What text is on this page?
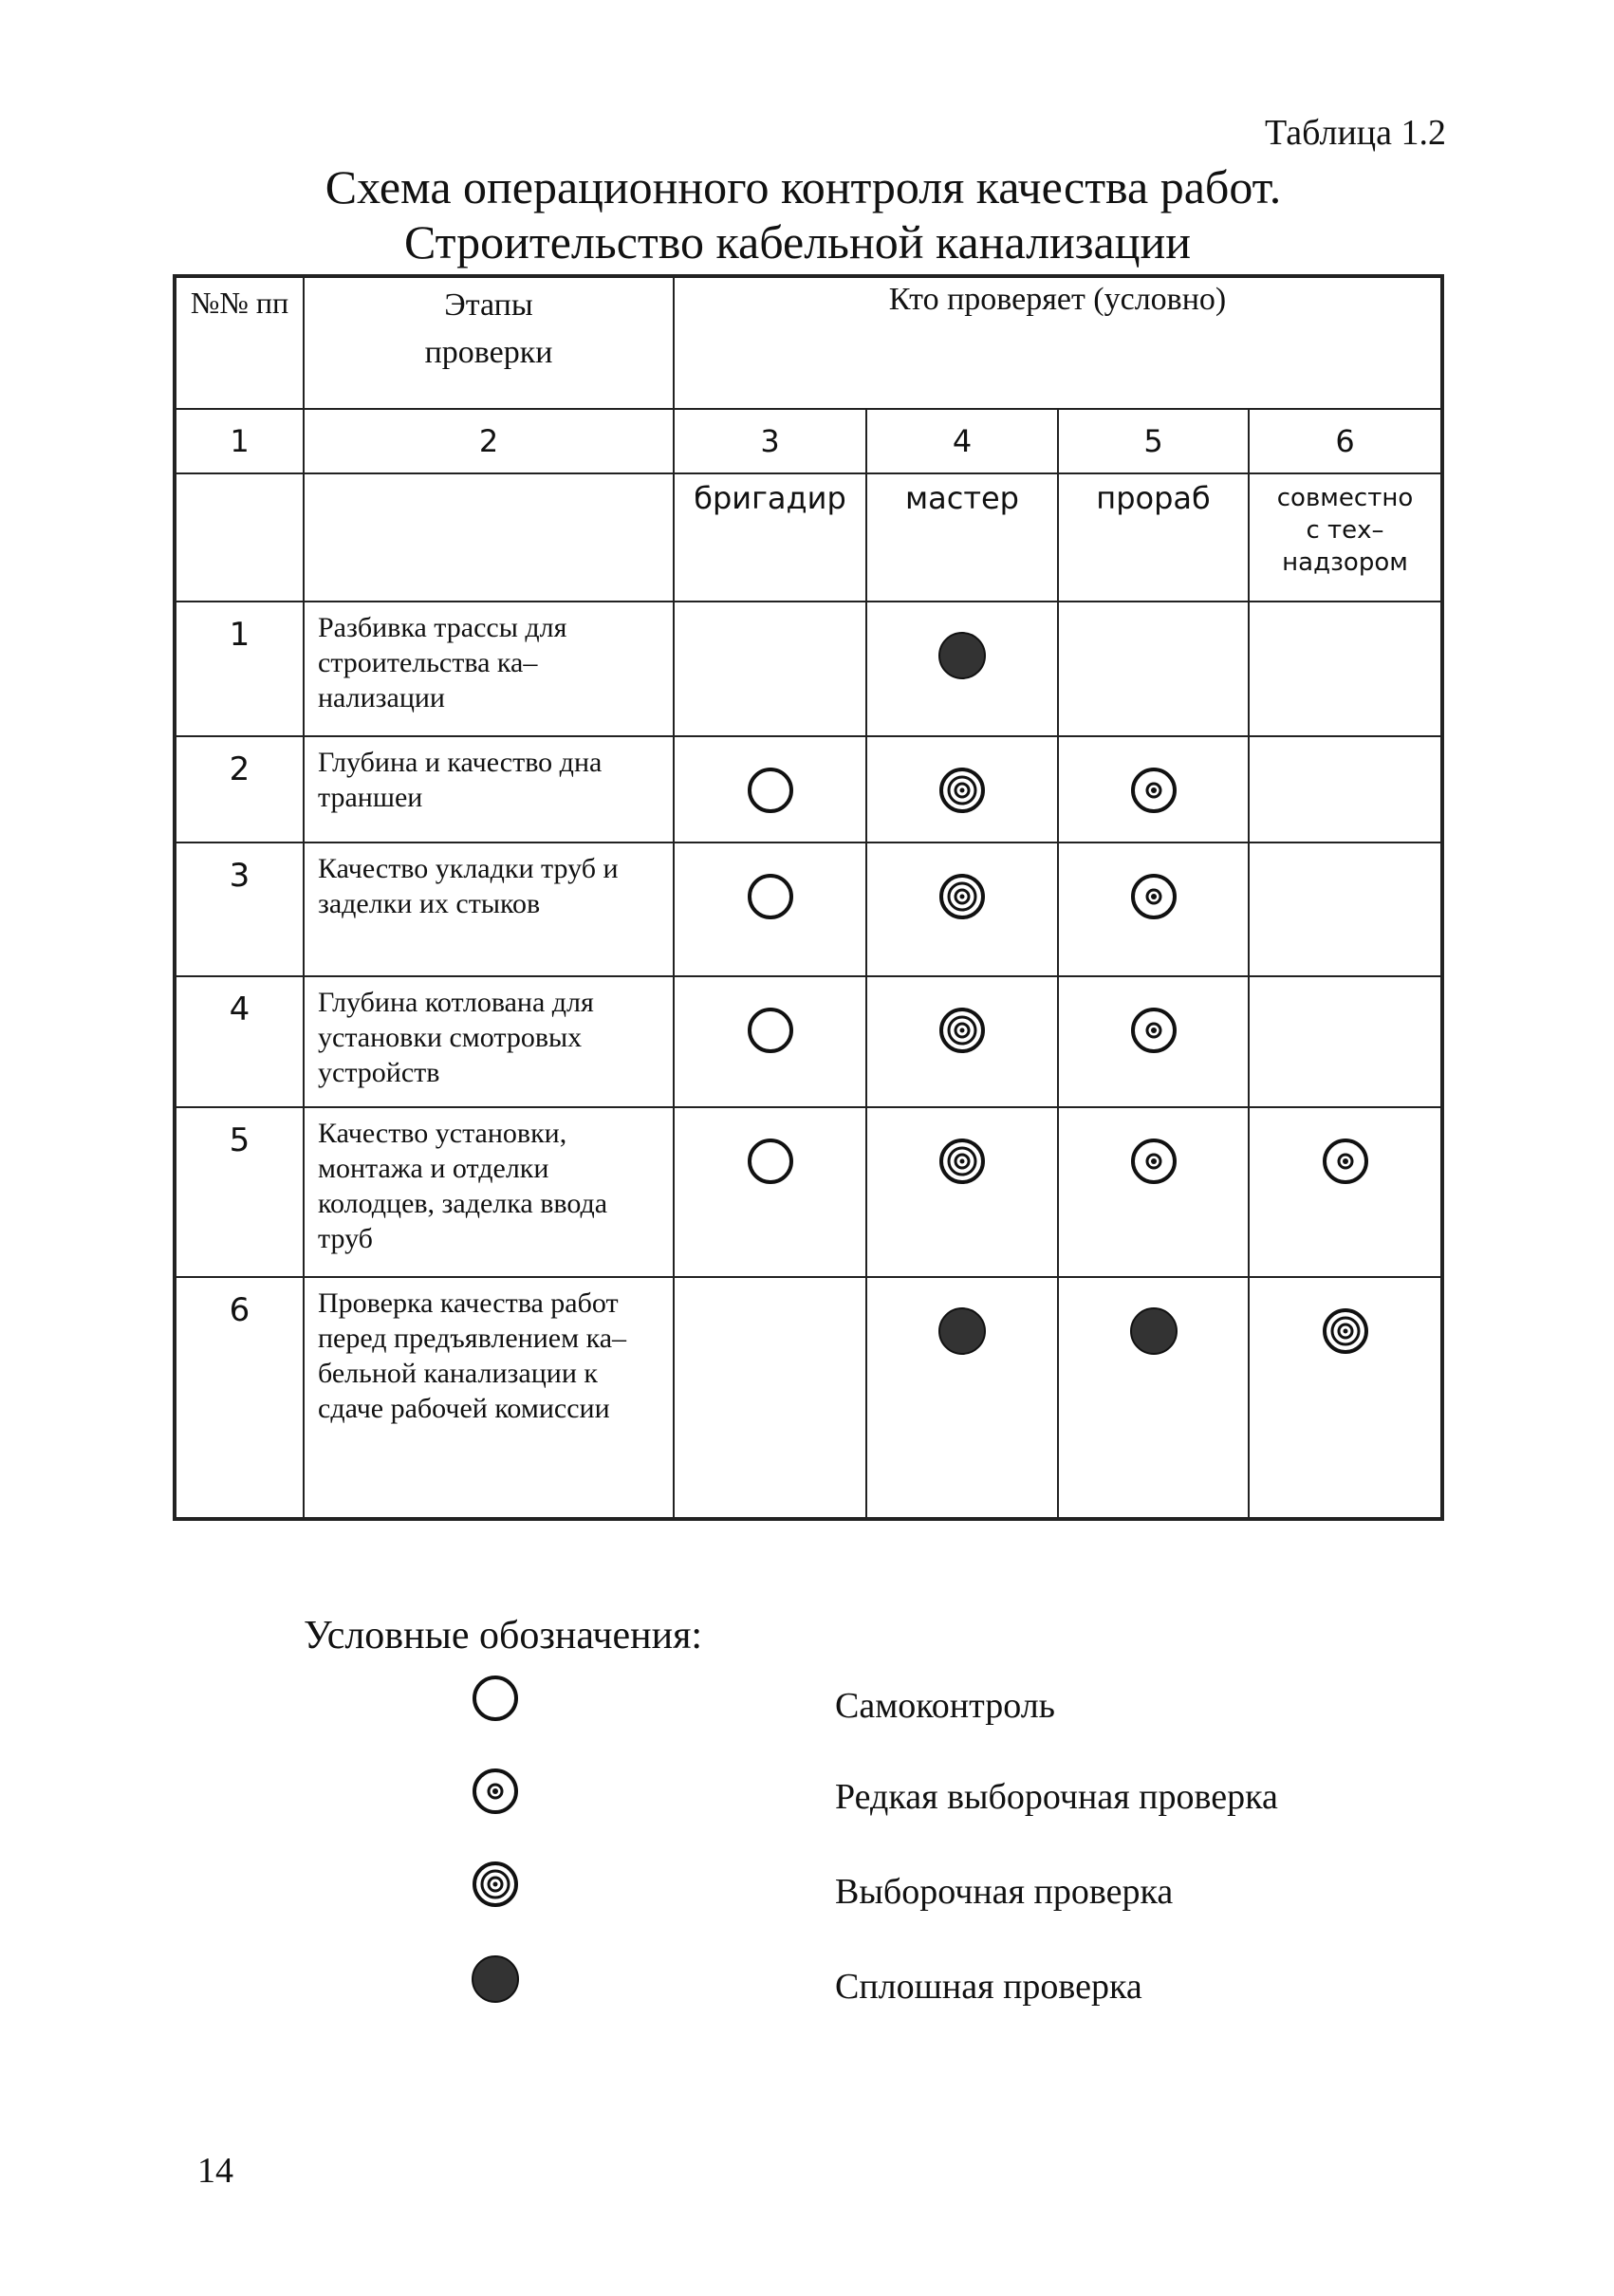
Таблица 1.2
Схема операционного контроля качества работ.
Строительство кабельной канализации
№№ пп	Этапы проверки	Кто проверяет (условно)			
1	2	3	4	5	6
		бригадир	мастер	прораб	совместно с тех– надзором

1	Разбивка трассы для строительства ка– нализации				
2	Глубина и качество дна траншеи				
3	Качество укладки труб и заделки их стыков				
4	Глубина котлована для установки смотровых устройств				
5	Качество установки, монтажа и отделки колодцев, заделка ввода труб				
6	Проверка качества работ перед предъявлением ка– бельной канализации к сдаче рабочей комиссии				
Условные обозначения:
Самоконтроль
Редкая выборочная проверка
Выборочная проверка
Сплошная проверка
14
